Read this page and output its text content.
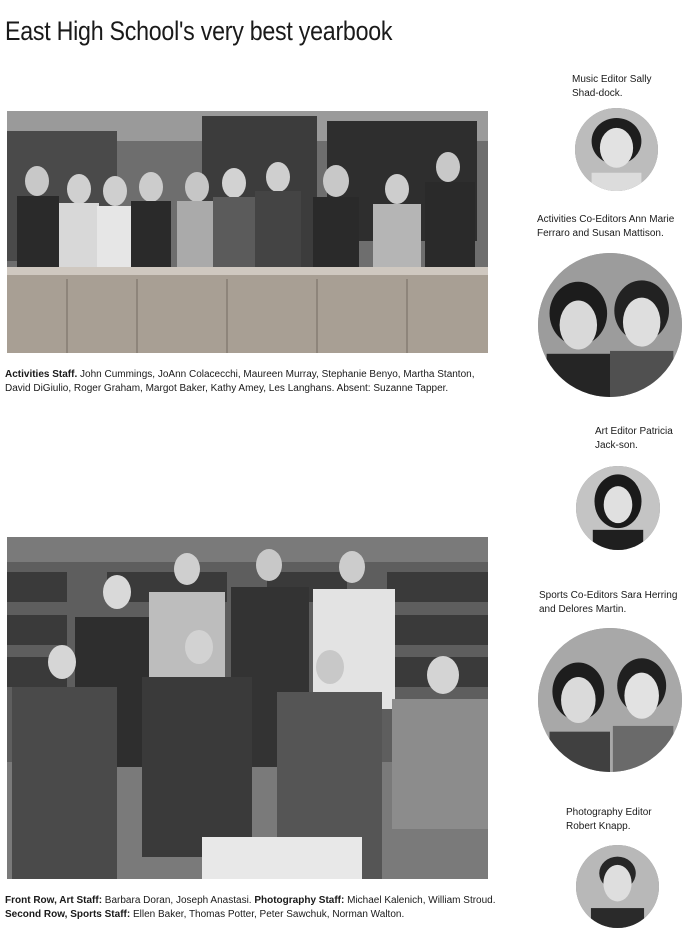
East High School's very best yearbook
Activities Staff. John Cummings, JoAnn Colacecchi, Maureen Murray, Stephanie Benyo, Martha Stanton, David DiGiulio, Roger Graham, Margot Baker, Kathy Amey, Les Langhans. Absent: Suzanne Tapper.
Front Row, Art Staff: Barbara Doran, Joseph Anastasi. Photography Staff: Michael Kalenich, William Stroud. Second Row, Sports Staff: Ellen Baker, Thomas Potter, Peter Sawchuk, Norman Walton.
Music Editor Sally Shad-dock.
Activities Co-Editors Ann Marie Ferraro and Susan Mattison.
Art Editor Patricia Jack-son.
Sports Co-Editors Sara Herring and Delores Martin.
Photography Editor Robert Knapp.
